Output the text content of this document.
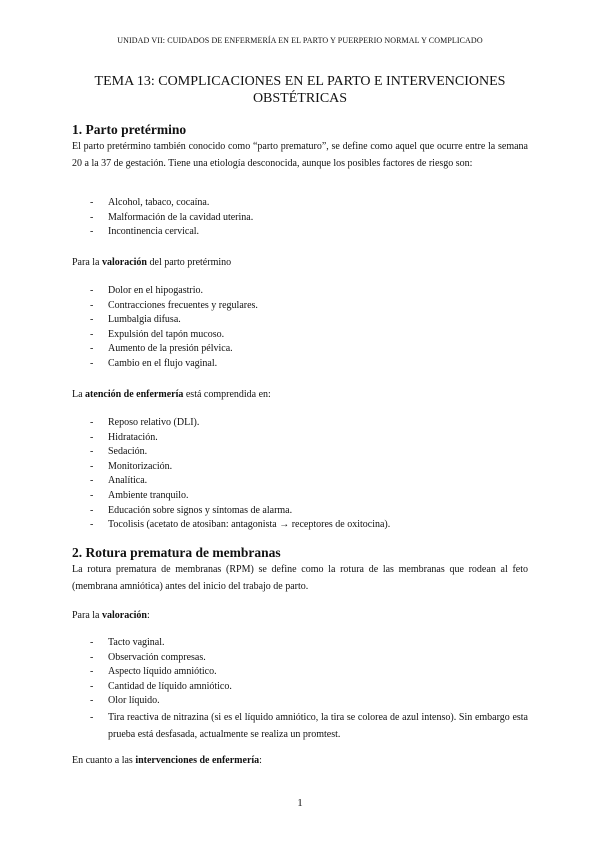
UNIDAD VII: CUIDADOS DE ENFERMERÍA EN EL PARTO Y PUERPERIO NORMAL Y COMPLICADO
TEMA 13: COMPLICACIONES EN EL PARTO E INTERVENCIONES OBSTÉTRICAS
1. Parto pretérmino
El parto pretérmino también conocido como “parto prematuro”, se define como aquel que ocurre entre la semana 20 a la 37 de gestación. Tiene una etiología desconocida, aunque los posibles factores de riesgo son:
- Alcohol, tabaco, cocaína.
- Malformación de la cavidad uterina.
- Incontinencia cervical.
Para la valoración del parto pretérmino
- Dolor en el hipogastrio.
- Contracciones frecuentes y regulares.
- Lumbalgia difusa.
- Expulsión del tapón mucoso.
- Aumento de la presión pélvica.
- Cambio en el flujo vaginal.
La atención de enfermería está comprendida en:
- Reposo relativo (DLI).
- Hidratación.
- Sedación.
- Monitorización.
- Analítica.
- Ambiente tranquilo.
- Educación sobre signos y síntomas de alarma.
- Tocolisis (acetato de atosiban: antagonista → receptores de oxitocina).
2. Rotura prematura de membranas
La rotura prematura de membranas (RPM) se define como la rotura de las membranas que rodean al feto (membrana amniótica) antes del inicio del trabajo de parto.
Para la valoración:
- Tacto vaginal.
- Observación compresas.
- Aspecto líquido amniótico.
- Cantidad de líquido amniótico.
- Olor líquido.
- Tira reactiva de nitrazina (si es el líquido amniótico, la tira se colorea de azul intenso). Sin embargo esta prueba está desfasada, actualmente se realiza un promtest.
En cuanto a las intervenciones de enfermería:
1
